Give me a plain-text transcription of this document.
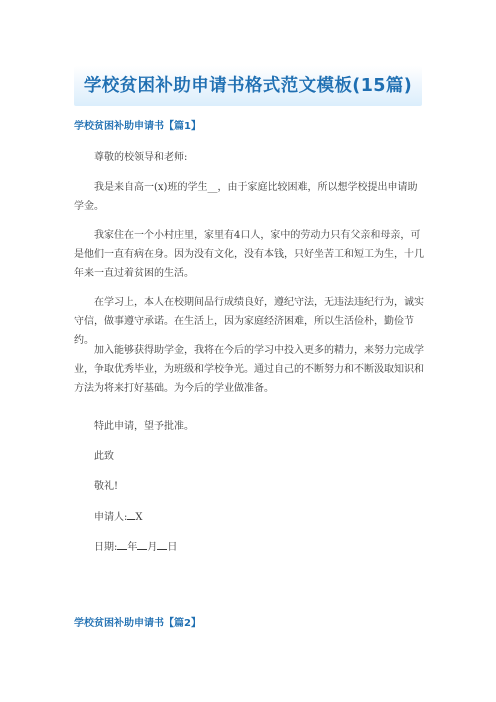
学校贫困补助申请书格式范文模板(15篇)
学校贫困补助申请书【篇1】
尊敬的校领导和老师:

我是来自高一(x)班的学生__，由于家庭比较困难，所以想学校提出申请助学金。

我家住在一个小村庄里，家里有4口人，家中的劳动力只有父亲和母亲，可是他们一直有病在身。因为没有文化，没有本钱，只好坐苦工和短工为生，十几年来一直过着贫困的生活。

在学习上，本人在校期间品行成绩良好，遵纪守法，无违法违纪行为，诚实守信，做事遵守承诺。在生活上，因为家庭经济困难，所以生活俭朴，勤俭节约。

加入能够获得助学金，我将在今后的学习中投入更多的精力，来努力完成学业，争取优秀毕业，为班级和学校争光。通过自己的不断努力和不断汲取知识和方法为将来打好基础。为今后的学业做准备。

特此申请，望予批准。
此致
敬礼!
申请人: X
日期: 年 月 日
学校贫困补助申请书【篇2】
